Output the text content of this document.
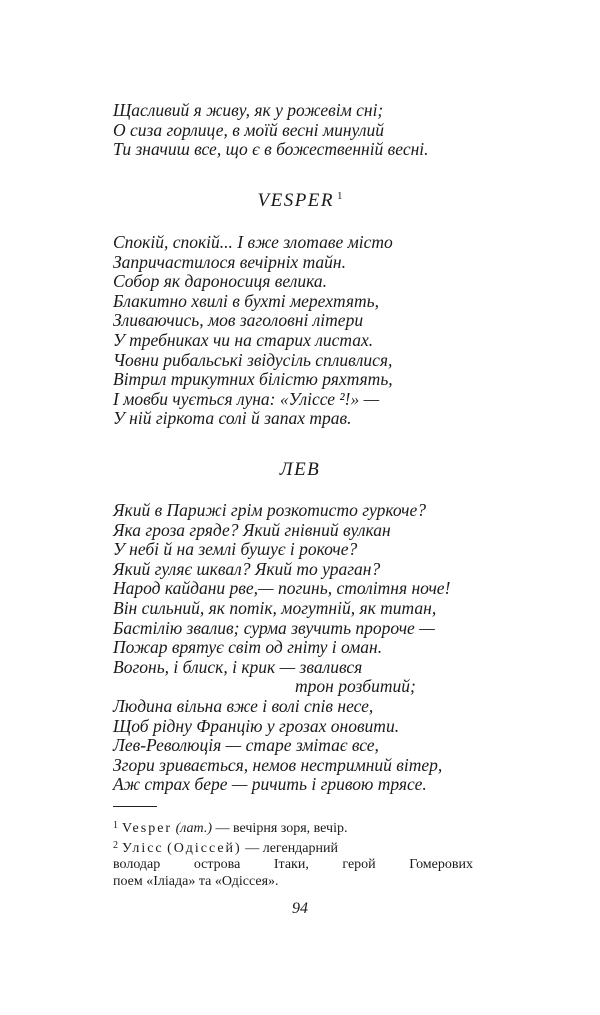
Щасливий я живу, як у рожевім сні;
О сиза горлице, в моїй весні минулий
Ти значиш все, що є в божественній весні.
VESPER $^1$
Спокій, спокій... І вже злотаве місто
Запричастилося вечірніх тайн.
Собор як дароносиця велика.
Блакитно хвилі в бухті мерехтять,
Зливаючись, мов заголовні літери
У требниках чи на старих листах.
Човни рибальські звідусіль спливлися,
Вітрил трикутних білістю ряхтять,
І мовби чується луна: «Уліссе ²!» —
У ній гіркота солі й запах трав.
ЛЕВ
Який в Парижі грім розкотисто гуркоче?
Яка гроза гряде? Який гнівний вулкан
У небі й на землі бушує і рокоче?
Який гуляє шквал? Який то ураган?
Народ кайдани рве,— погинь, столітня ноче!
Він сильний, як потік, могутній, як титан,
Бастілію звалив; сурма звучить пророче —
Пожар врятує світ од гніту і оман.
Вогонь, і блиск, і крик — звалився
трон розбитий;
Людина вільна вже і волі спів несе,
Щоб рідну Францію у грозах оновити.
Лев-Революція — старе змітає все,
Згори зривається, немов нестримний вітер,
Аж страх бере — ричить і гривою трясе.
$^1$ Vesper (лат.) — вечірня зоря, вечір.
$^2$ Уліcс (Одіссей) — легендарний
володар острова Ітаки, герой Гомерових
поем «Іліада» та «Одіссея».
94
